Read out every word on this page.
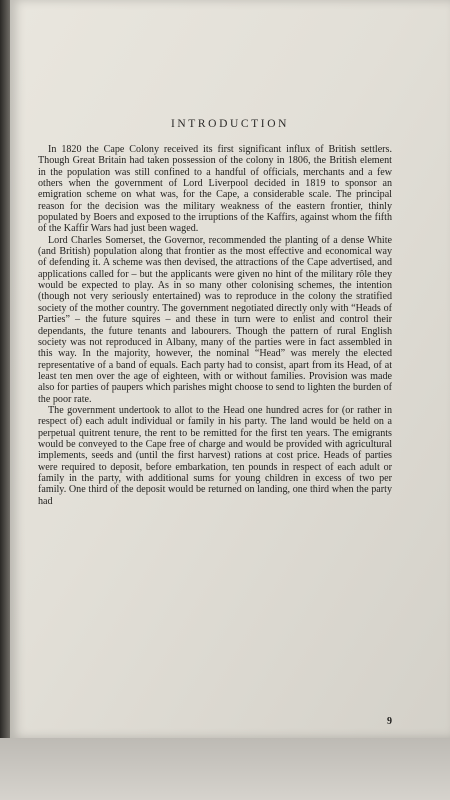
INTRODUCTION

In 1820 the Cape Colony received its first significant influx of British settlers. Though Great Britain had taken possession of the colony in 1806, the British element in the population was still confined to a handful of officials, merchants and a few others when the government of Lord Liverpool decided in 1819 to sponsor an emigration scheme on what was, for the Cape, a considerable scale. The principal reason for the decision was the military weakness of the eastern frontier, thinly populated by Boers and exposed to the irruptions of the Kaffirs, against whom the fifth of the Kaffir Wars had just been waged.

Lord Charles Somerset, the Governor, recommended the planting of a dense White (and British) population along that frontier as the most effective and economical way of defending it. A scheme was then devised, the attractions of the Cape advertised, and applications called for – but the applicants were given no hint of the military rôle they would be expected to play. As in so many other colonising schemes, the intention (though not very seriously entertained) was to reproduce in the colony the stratified society of the mother country. The government negotiated directly only with “Heads of Parties” – the future squires – and these in turn were to enlist and control their dependants, the future tenants and labourers. Though the pattern of rural English society was not reproduced in Albany, many of the parties were in fact assembled in this way. In the majority, however, the nominal “Head” was merely the elected representative of a band of equals. Each party had to consist, apart from its Head, of at least ten men over the age of eighteen, with or without families. Provision was made also for parties of paupers which parishes might choose to send to lighten the burden of the poor rate.

The government undertook to allot to the Head one hundred acres for (or rather in respect of) each adult individual or family in his party. The land would be held on a perpetual quitrent tenure, the rent to be remitted for the first ten years. The emigrants would be conveyed to the Cape free of charge and would be provided with agricultural implements, seeds and (until the first harvest) rations at cost price. Heads of parties were required to deposit, before embarkation, ten pounds in respect of each adult or family in the party, with additional sums for young children in excess of two per family. One third of the deposit would be returned on landing, one third when the party had

9
